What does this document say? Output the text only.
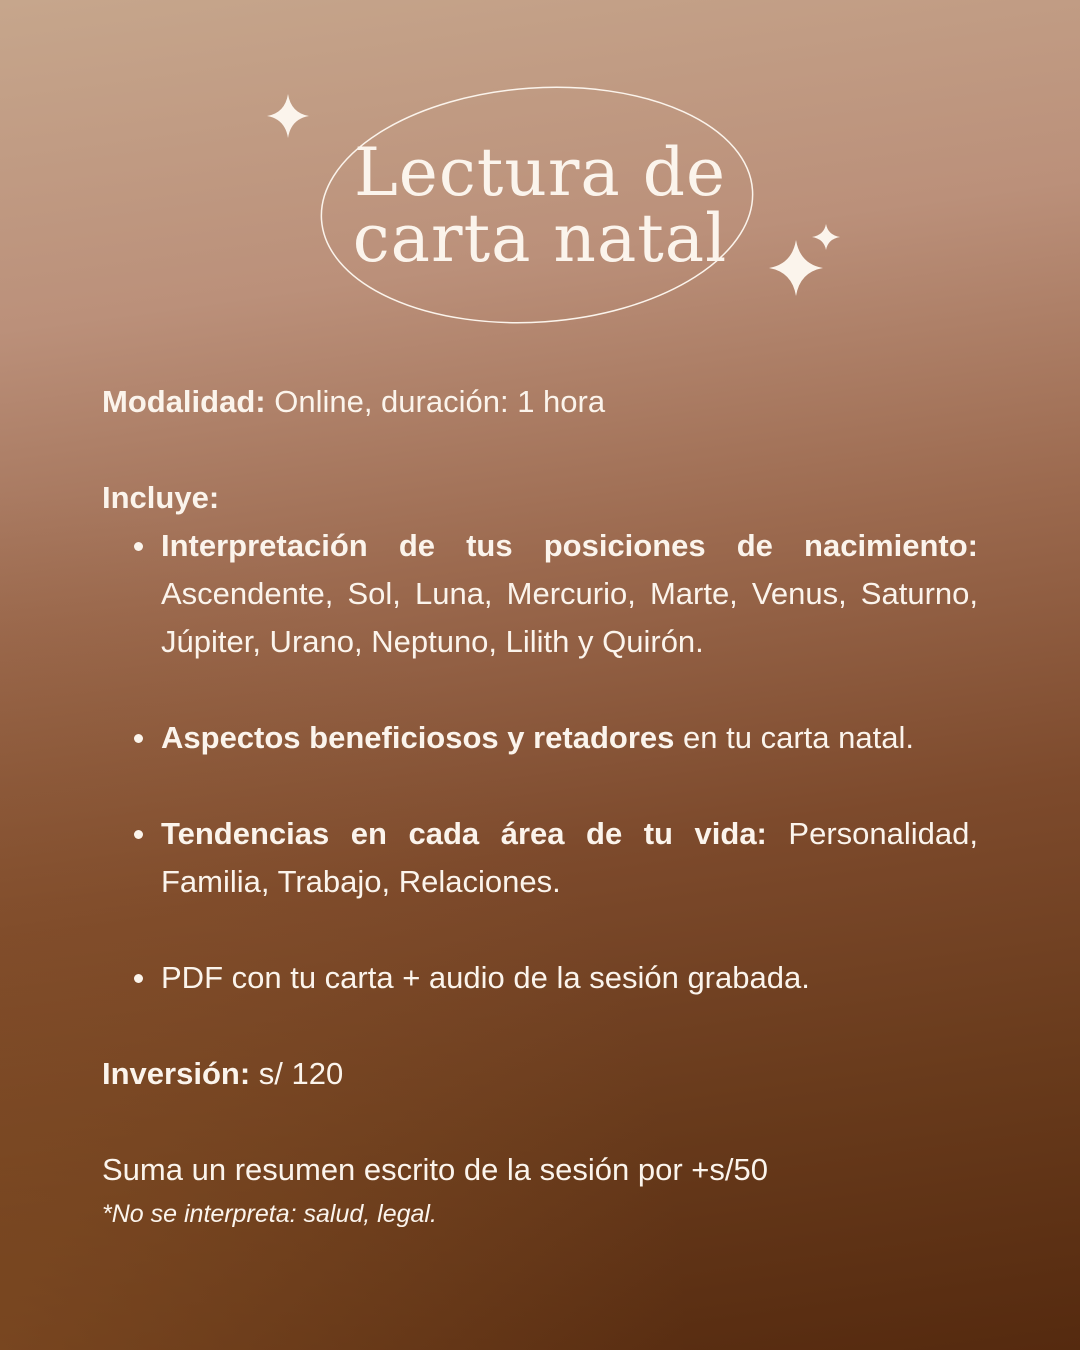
Lectura de
carta natal

Modalidad: Online, duración: 1 hora

Incluye:

Interpretación de tus posiciones de nacimiento: Ascendente, Sol, Luna, Mercurio, Marte, Venus, Saturno, Júpiter, Urano, Neptuno, Lilith y Quirón.
Aspectos beneficiosos y retadores en tu carta natal.
Tendencias en cada área de tu vida: Personalidad, Familia, Trabajo, Relaciones.
PDF con tu carta + audio de la sesión grabada.

Inversión: s/ 120

Suma un resumen escrito de la sesión por +s/50

*No se interpreta: salud, legal.
